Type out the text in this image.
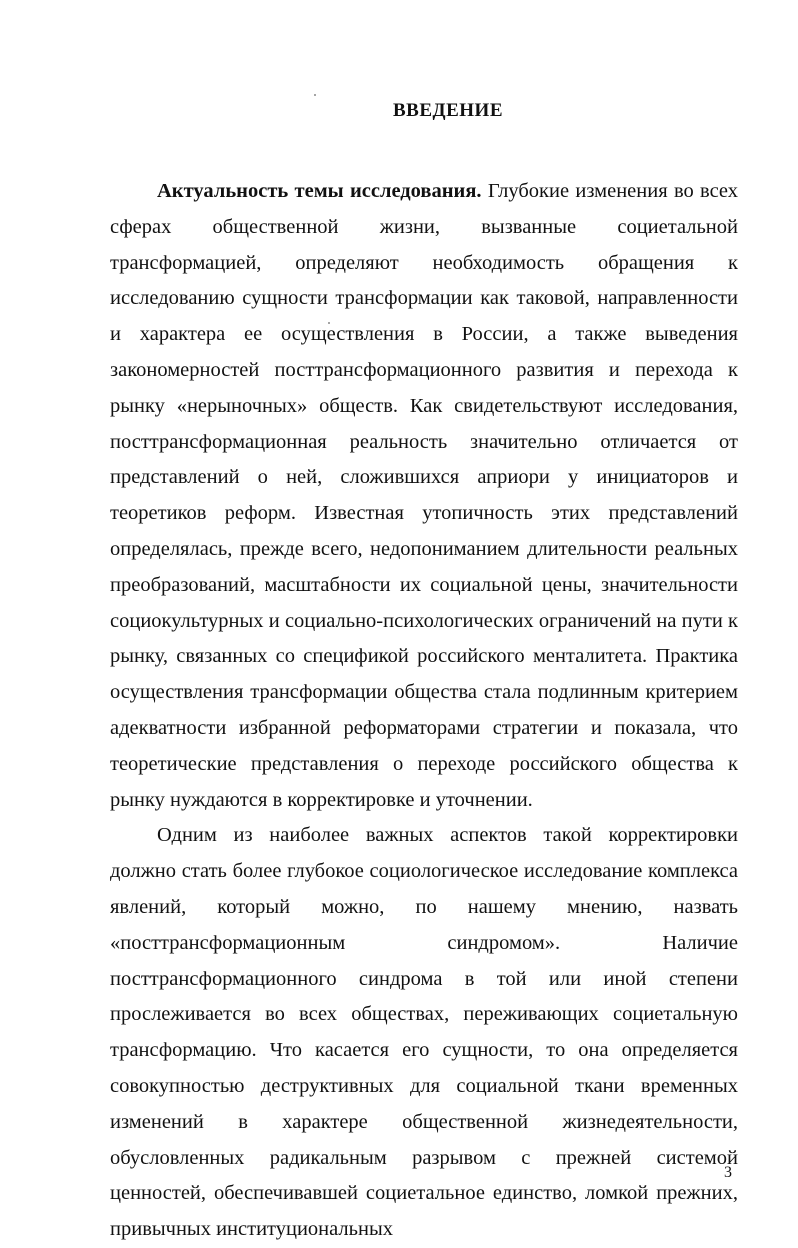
ВВЕДЕНИЕ

Актуальность темы исследования. Глубокие изменения во всех сферах общественной жизни, вызванные социетальной трансформацией, определяют необходимость обращения к исследованию сущности трансформации как таковой, направленности и характера ее осуществления в России, а также выведения закономерностей посттрансформационного развития и перехода к рынку «нерыночных» обществ. Как свидетельствуют исследования, посттрансформационная реальность значительно отличается от представлений о ней, сложившихся априори у инициаторов и теоретиков реформ. Известная утопичность этих представлений определялась, прежде всего, недопониманием длительности реальных преобразований, масштабности их социальной цены, значительности социокультурных и социально-психологических ограничений на пути к рынку, связанных со спецификой российского менталитета. Практика осуществления трансформации общества стала подлинным критерием адекватности избранной реформаторами стратегии и показала, что теоретические представления о переходе российского общества к рынку нуждаются в корректировке и уточнении.

Одним из наиболее важных аспектов такой корректировки должно стать более глубокое социологическое исследование комплекса явлений, который можно, по нашему мнению, назвать «посттрансформационным синдромом». Наличие посттрансформационного синдрома в той или иной степени прослеживается во всех обществах, переживающих социетальную трансформацию. Что касается его сущности, то она определяется совокупностью деструктивных для социальной ткани временных изменений в характере общественной жизнедеятельности, обусловленных радикальным разрывом с прежней системой ценностей, обеспечивавшей социетальное единство, ломкой прежних, привычных институциональных

3
